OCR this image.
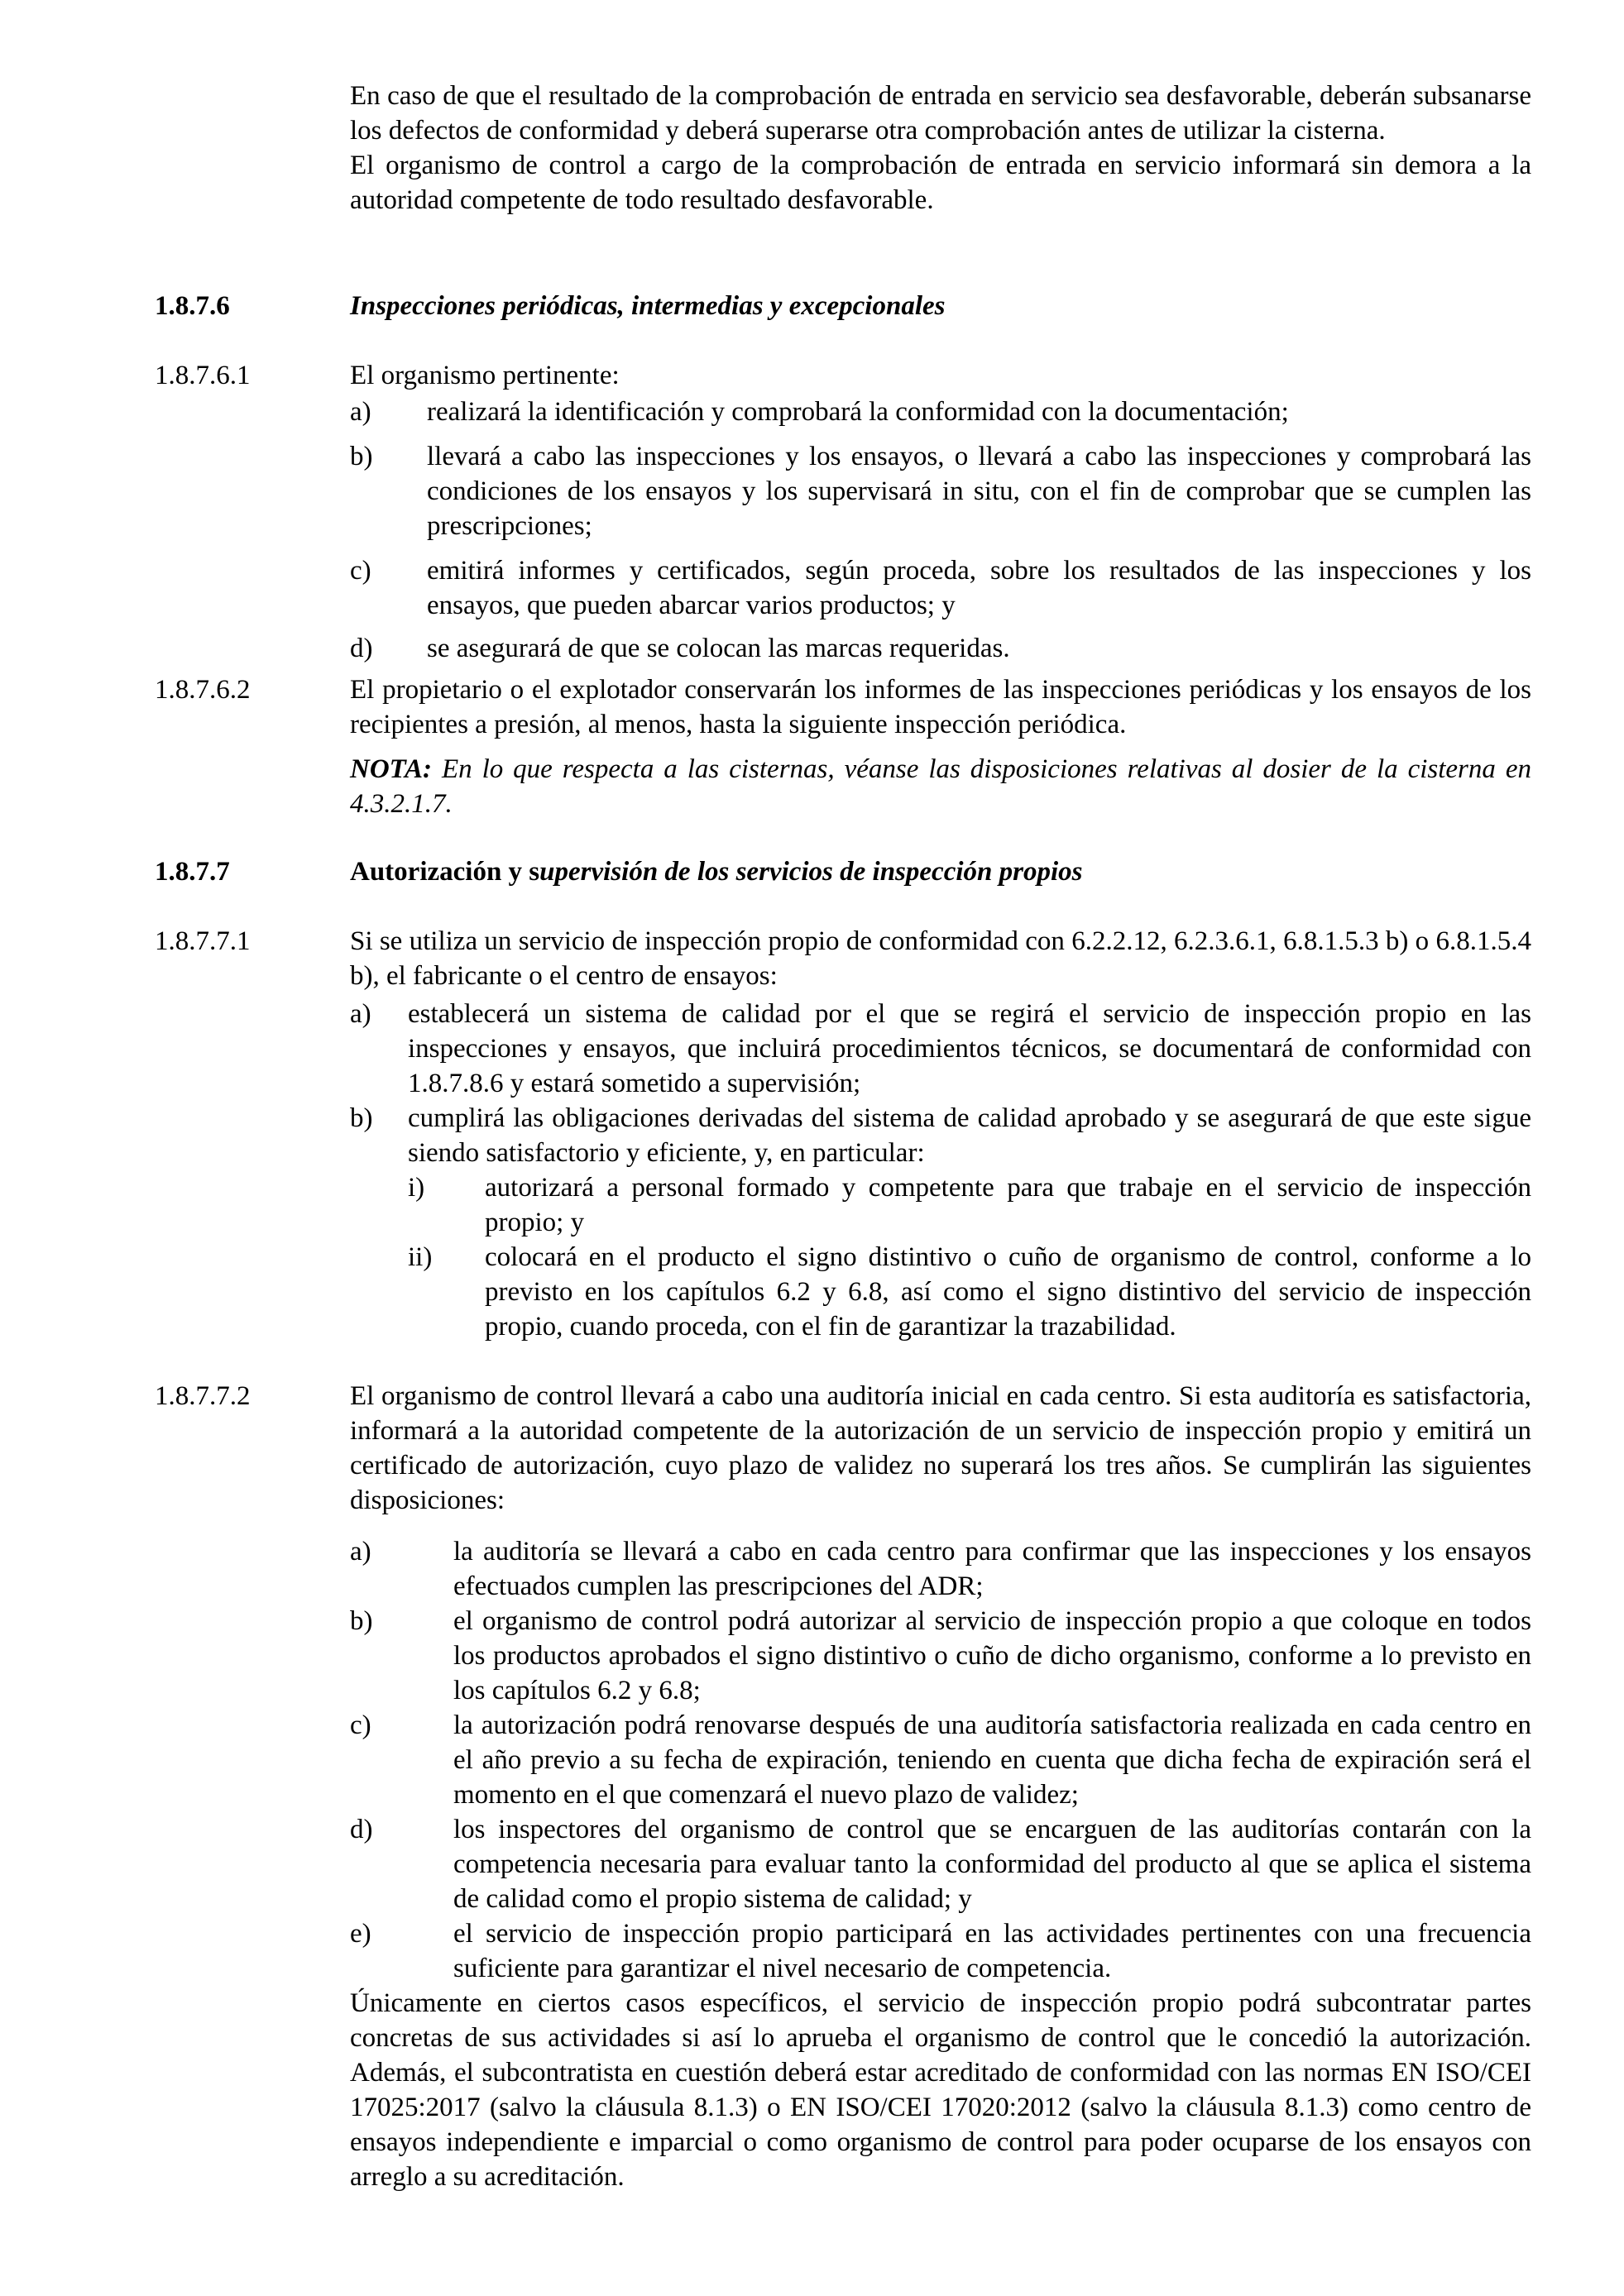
En caso de que el resultado de la comprobación de entrada en servicio sea desfavorable, deberán subsanarse los defectos de conformidad y deberá superarse otra comprobación antes de utilizar la cisterna.

El organismo de control a cargo de la comprobación de entrada en servicio informará sin demora a la autoridad competente de todo resultado desfavorable.

1.8.7.6	Inspecciones periódicas, intermedias y excepcionales
1.8.7.6.1	El organismo pertinente:
a) realizará la identificación y comprobará la conformidad con la documentación;

b) llevará a cabo las inspecciones y los ensayos, o llevará a cabo las inspecciones y comprobará las condiciones de los ensayos y los supervisará in situ, con el fin de comprobar que se cumplen las prescripciones;

c) emitirá informes y certificados, según proceda, sobre los resultados de las inspecciones y los ensayos, que pueden abarcar varios productos; y

d) se asegurará de que se colocan las marcas requeridas.

1.8.7.6.2	El propietario o el explotador conservarán los informes de las inspecciones periódicas y los ensayos de los recipientes a presión, al menos, hasta la siguiente inspección periódica.

NOTA: En lo que respecta a las cisternas, véanse las disposiciones relativas al dosier de la cisterna en 4.3.2.1.7.

1.8.7.7	Autorización y supervisión de los servicios de inspección propios
1.8.7.7.1	Si se utiliza un servicio de inspección propio de conformidad con 6.2.2.12, 6.2.3.6.1, 6.8.1.5.3 b) o 6.8.1.5.4 b), el fabricante o el centro de ensayos:

a) establecerá un sistema de calidad por el que se regirá el servicio de inspección propio en las inspecciones y ensayos, que incluirá procedimientos técnicos, se documentará de conformidad con 1.8.7.8.6 y estará sometido a supervisión;

b) cumplirá las obligaciones derivadas del sistema de calidad aprobado y se asegurará de que este sigue siendo satisfactorio y eficiente, y, en particular:

i) autorizará a personal formado y competente para que trabaje en el servicio de inspección propio; y

ii) colocará en el producto el signo distintivo o cuño de organismo de control, conforme a lo previsto en los capítulos 6.2 y 6.8, así como el signo distintivo del servicio de inspección propio, cuando proceda, con el fin de garantizar la trazabilidad.

1.8.7.7.2	El organismo de control llevará a cabo una auditoría inicial en cada centro. Si esta auditoría es satisfactoria, informará a la autoridad competente de la autorización de un servicio de inspección propio y emitirá un certificado de autorización, cuyo plazo de validez no superará los tres años. Se cumplirán las siguientes disposiciones:

a)	la auditoría se llevará a cabo en cada centro para confirmar que las inspecciones y los ensayos efectuados cumplen las prescripciones del ADR;

b)	el organismo de control podrá autorizar al servicio de inspección propio a que coloque en todos los productos aprobados el signo distintivo o cuño de dicho organismo, conforme a lo previsto en los capítulos 6.2 y 6.8;

c)	la autorización podrá renovarse después de una auditoría satisfactoria realizada en cada centro en el año previo a su fecha de expiración, teniendo en cuenta que dicha fecha de expiración será el momento en el que comenzará el nuevo plazo de validez;

d)	los inspectores del organismo de control que se encarguen de las auditorías contarán con la competencia necesaria para evaluar tanto la conformidad del producto al que se aplica el sistema de calidad como el propio sistema de calidad; y

e)	el servicio de inspección propio participará en las actividades pertinentes con una frecuencia suficiente para garantizar el nivel necesario de competencia.

Únicamente en ciertos casos específicos, el servicio de inspección propio podrá subcontratar partes concretas de sus actividades si así lo aprueba el organismo de control que le concedió la autorización. Además, el subcontratista en cuestión deberá estar acreditado de conformidad con las normas EN ISO/CEI 17025:2017 (salvo la cláusula 8.1.3) o EN ISO/CEI 17020:2012 (salvo la cláusula 8.1.3) como centro de ensayos independiente e imparcial o como organismo de control para poder ocuparse de los ensayos con arreglo a su acreditación.
